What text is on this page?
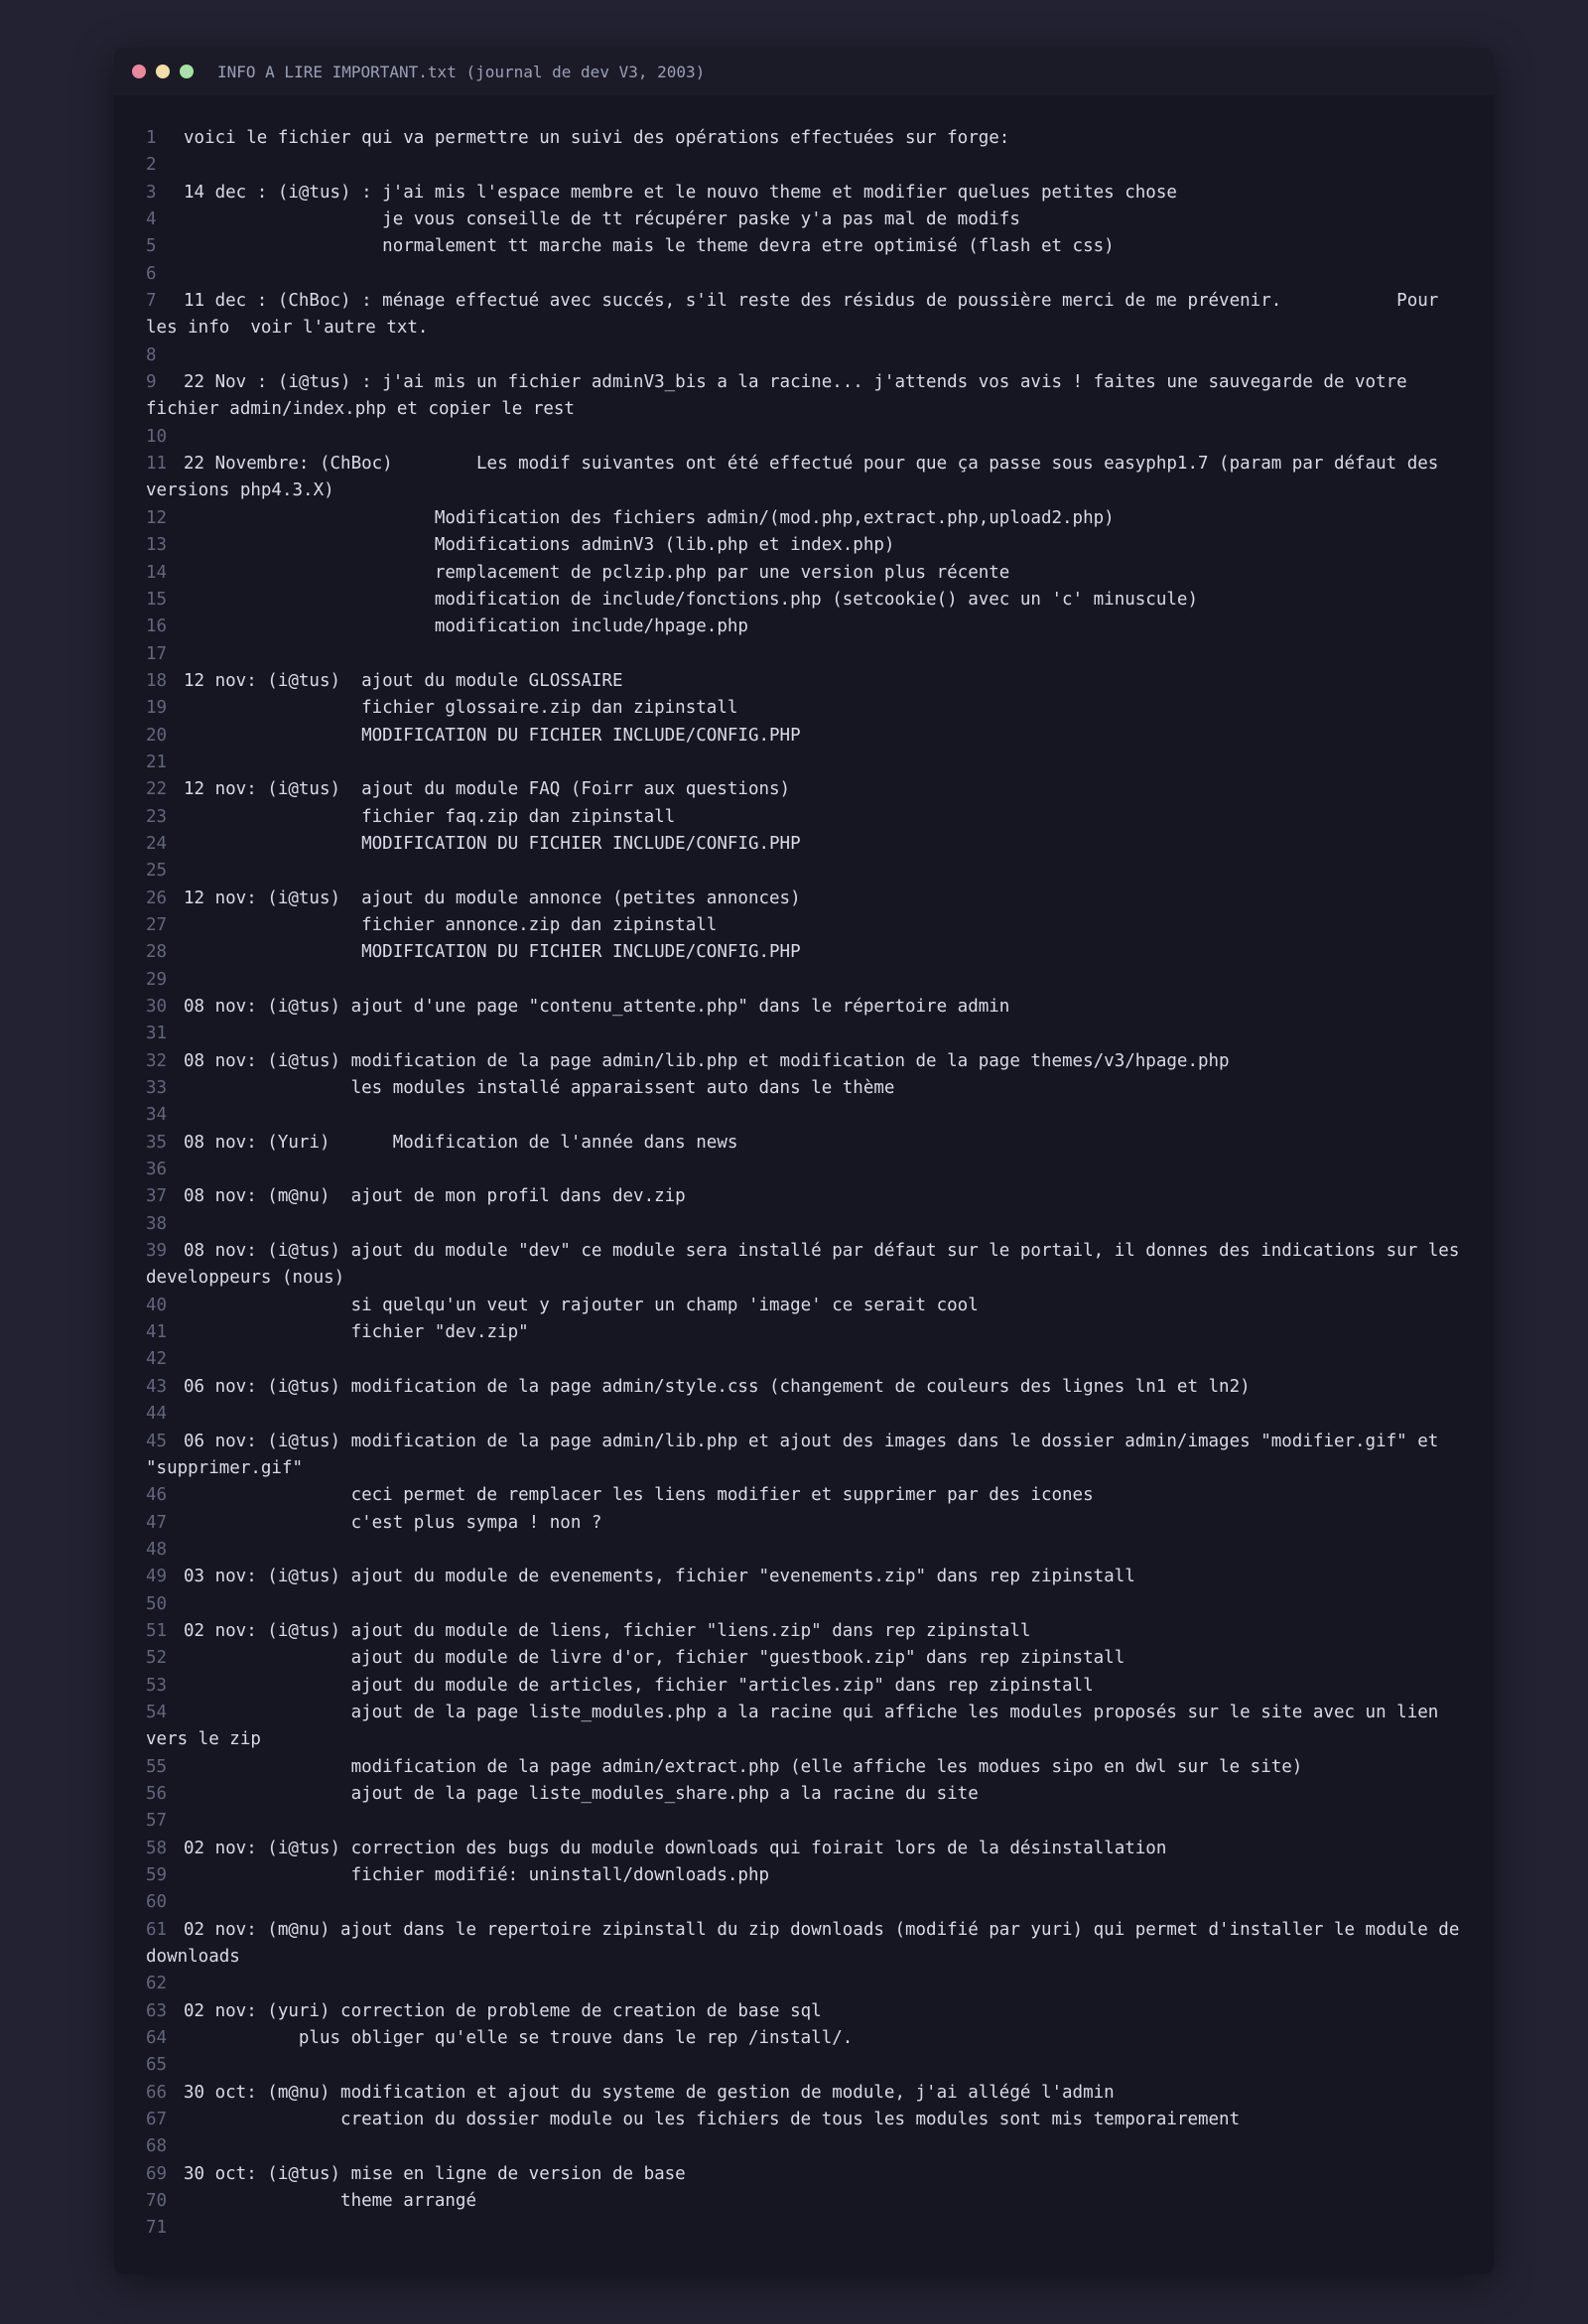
INFO A LIRE IMPORTANT.txt (journal de dev V3, 2003)
1 voici le fichier qui va permettre un suivi des opérations effectuées sur forge:
2
3 14 dec : (i@tus) : j'ai mis l'espace membre et le nouvo theme et modifier quelues petites chose
4                   je vous conseille de tt récupérer paske y'a pas mal de modifs
5                   normalement tt marche mais le theme devra etre optimisé (flash et css)
6
7 11 dec : (ChBoc) : ménage effectué avec succés, s'il reste des résidus de poussière merci de me prévenir.           Pour les info  voir l'autre txt.
8
9 22 Nov : (i@tus) : j'ai mis un fichier adminV3_bis a la racine... j'attends vos avis ! faites une sauvegarde de votre fichier admin/index.php et copier le rest
10
11 22 Novembre: (ChBoc)        Les modif suivantes ont été effectué pour que ça passe sous easyphp1.7 (param par défaut des versions php4.3.X)
12                        Modification des fichiers admin/(mod.php,extract.php,upload2.php)
13                        Modifications adminV3 (lib.php et index.php)
14                        remplacement de pclzip.php par une version plus récente
15                        modification de include/fonctions.php (setcookie() avec un 'c' minuscule)
16                        modification include/hpage.php
17
18 12 nov: (i@tus)  ajout du module GLOSSAIRE
19                 fichier glossaire.zip dan zipinstall
20                 MODIFICATION DU FICHIER INCLUDE/CONFIG.PHP
21
22 12 nov: (i@tus)  ajout du module FAQ (Foirr aux questions)
23                 fichier faq.zip dan zipinstall
24                 MODIFICATION DU FICHIER INCLUDE/CONFIG.PHP
25
26 12 nov: (i@tus)  ajout du module annonce (petites annonces)
27                 fichier annonce.zip dan zipinstall
28                 MODIFICATION DU FICHIER INCLUDE/CONFIG.PHP
29
30 08 nov: (i@tus) ajout d'une page "contenu_attente.php" dans le répertoire admin
31
32 08 nov: (i@tus) modification de la page admin/lib.php et modification de la page themes/v3/hpage.php
33                les modules installé apparaissent auto dans le thème
34
35 08 nov: (Yuri)      Modification de l'année dans news
36
37 08 nov: (m@nu)  ajout de mon profil dans dev.zip
38
39 08 nov: (i@tus) ajout du module "dev" ce module sera installé par défaut sur le portail, il donnes des indications sur les developpeurs (nous)
40                si quelqu'un veut y rajouter un champ 'image' ce serait cool
41                fichier "dev.zip"
42
43 06 nov: (i@tus) modification de la page admin/style.css (changement de couleurs des lignes ln1 et ln2)
44
45 06 nov: (i@tus) modification de la page admin/lib.php et ajout des images dans le dossier admin/images "modifier.gif" et "supprimer.gif"
46                ceci permet de remplacer les liens modifier et supprimer par des icones
47                c'est plus sympa ! non ?
48
49 03 nov: (i@tus) ajout du module de evenements, fichier "evenements.zip" dans rep zipinstall
50
51 02 nov: (i@tus) ajout du module de liens, fichier "liens.zip" dans rep zipinstall
52                ajout du module de livre d'or, fichier "guestbook.zip" dans rep zipinstall
53                ajout du module de articles, fichier "articles.zip" dans rep zipinstall
54                ajout de la page liste_modules.php a la racine qui affiche les modules proposés sur le site avec un lien vers le zip
55                modification de la page admin/extract.php (elle affiche les modues sipo en dwl sur le site)
56                ajout de la page liste_modules_share.php a la racine du site
57
58 02 nov: (i@tus) correction des bugs du module downloads qui foirait lors de la désinstallation
59                fichier modifié: uninstall/downloads.php
60
61 02 nov: (m@nu) ajout dans le repertoire zipinstall du zip downloads (modifié par yuri) qui permet d'installer le module de downloads
62
63 02 nov: (yuri) correction de probleme de creation de base sql
64           plus obliger qu'elle se trouve dans le rep /install/.
65
66 30 oct: (m@nu) modification et ajout du systeme de gestion de module, j'ai allégé l'admin
67               creation du dossier module ou les fichiers de tous les modules sont mis temporairement
68
69 30 oct: (i@tus) mise en ligne de version de base
70               theme arrangé
71
